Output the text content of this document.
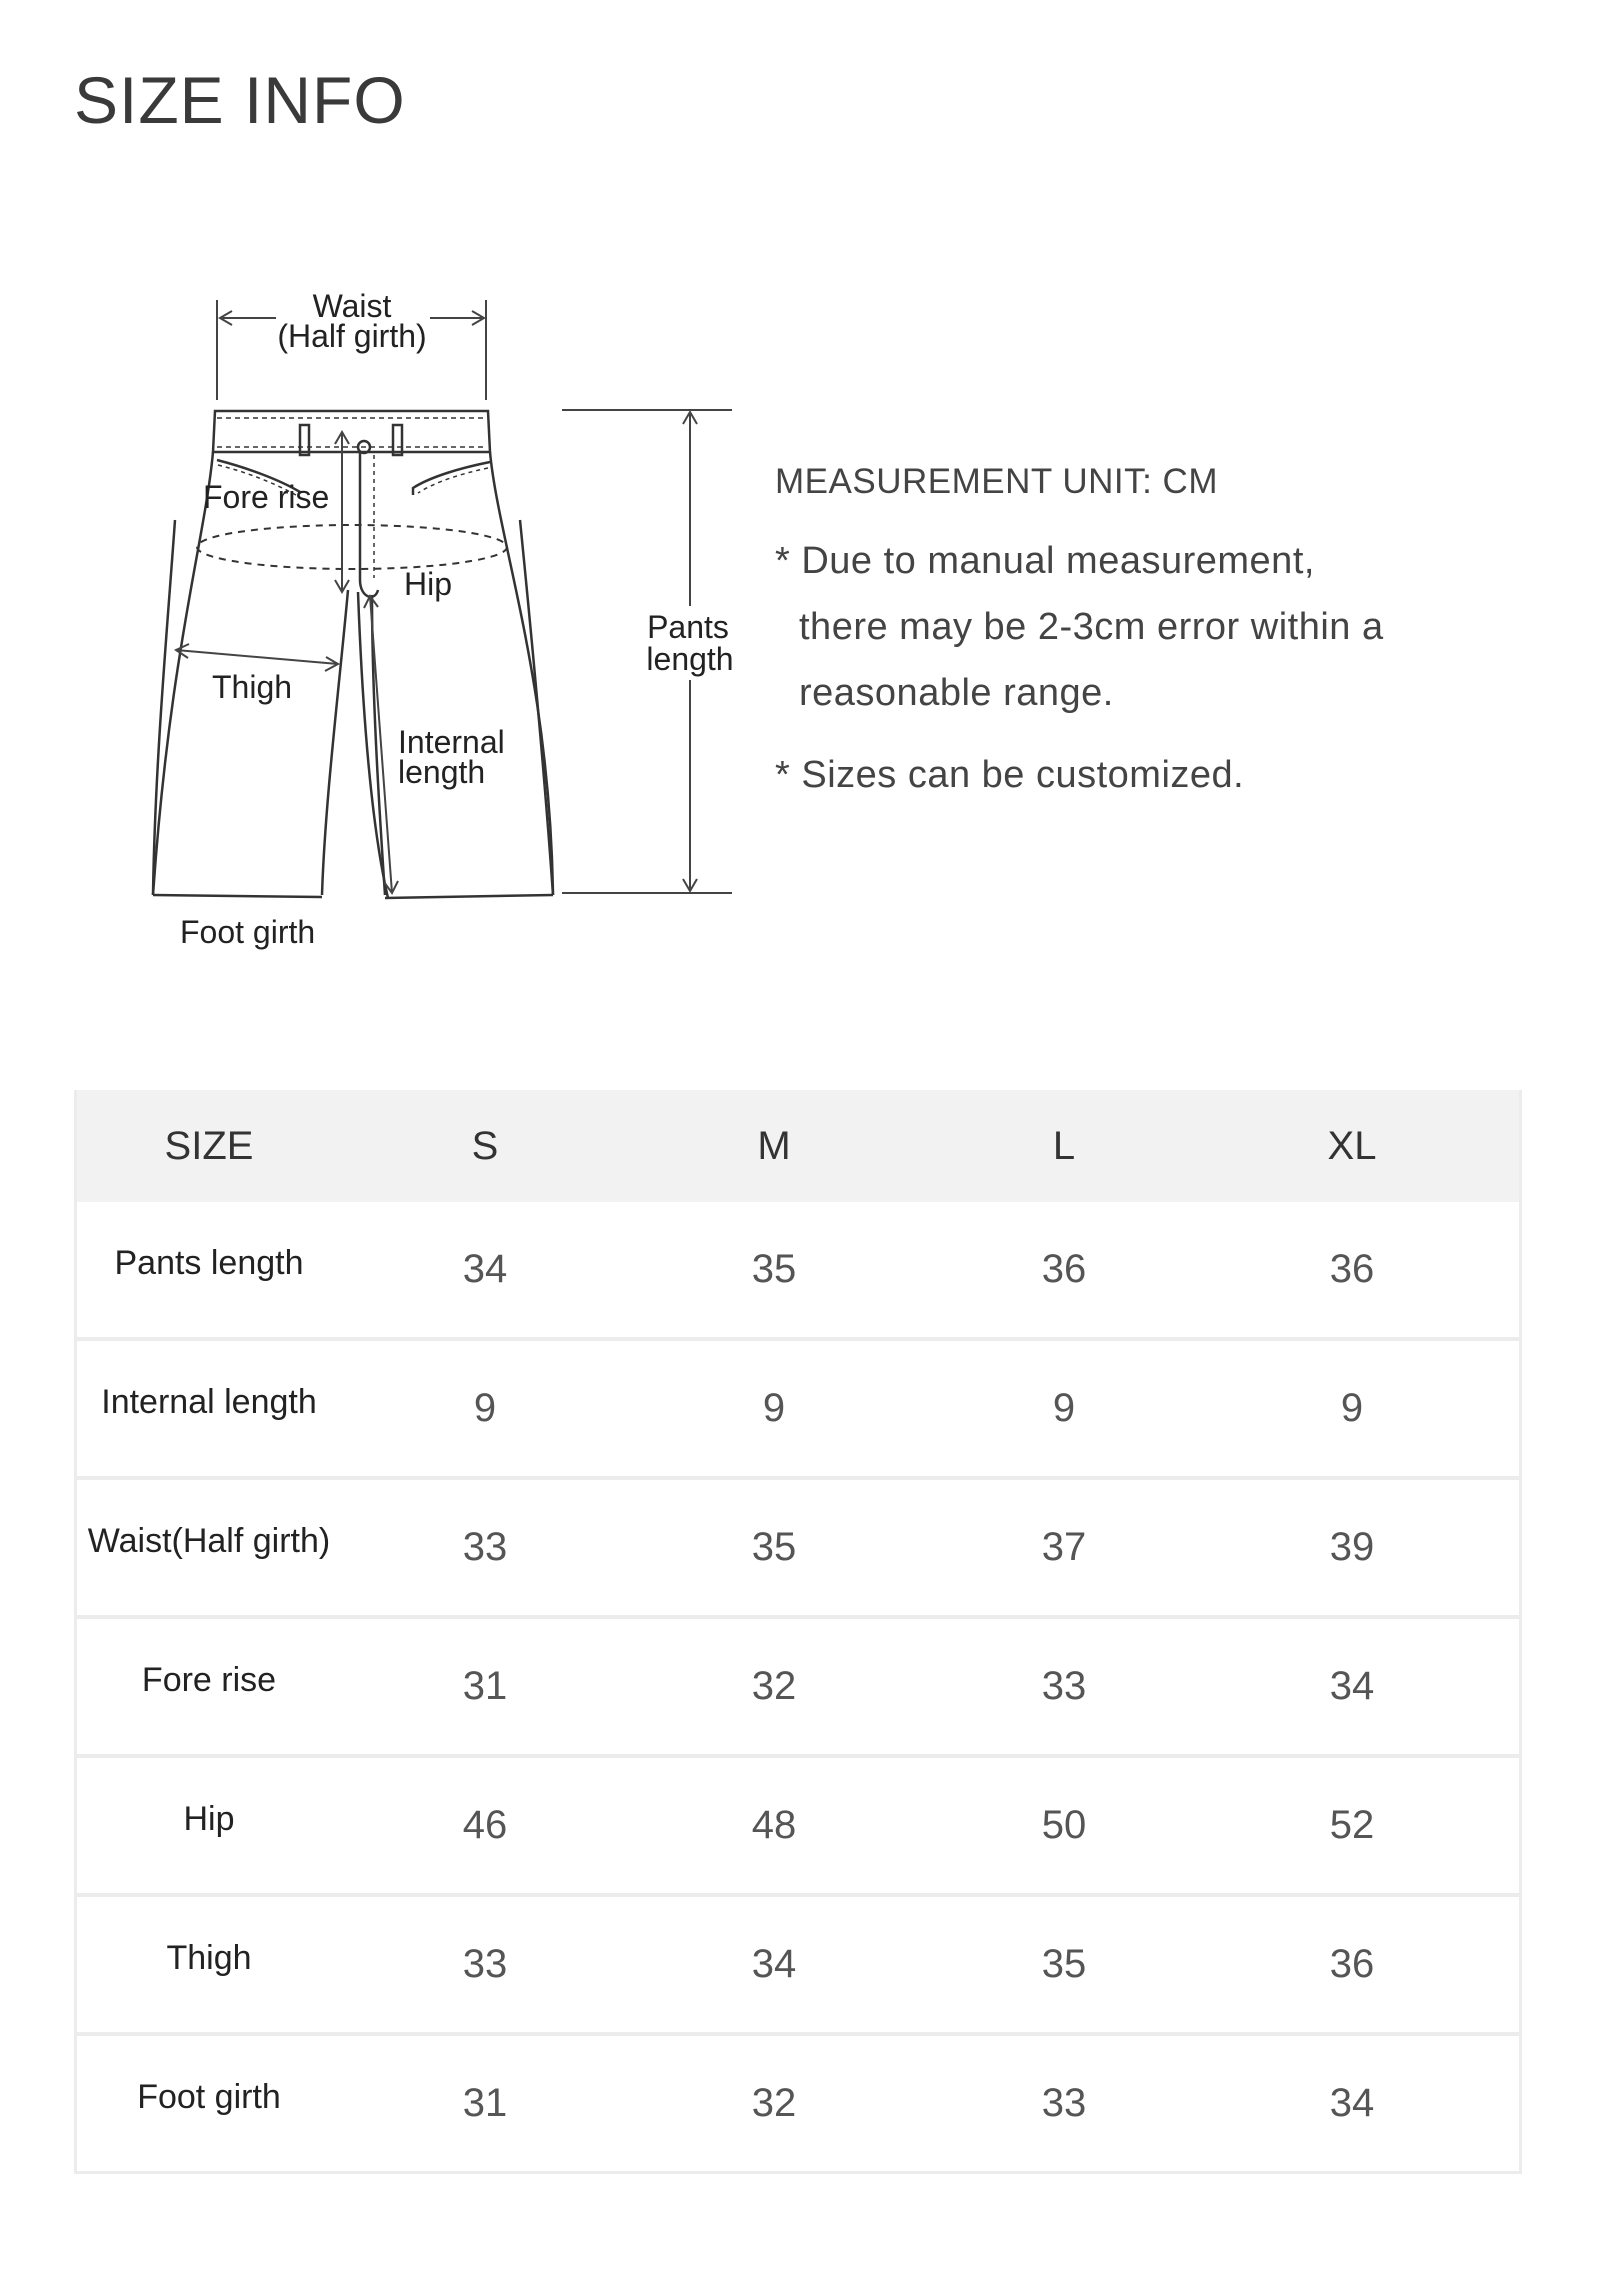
SIZE INFO
Waist
(Half girth)
Fore rise
Hip
Thigh
Internal
length
Foot girth
Pants
length

MEASUREMENT UNIT: CM

* Due to manual measurement, there may be 2-3cm error within a reasonable range.

* Sizes can be customized.

SIZE	S	M	L	XL
Pants length	34	35	36	36
Internal length	9	9	9	9
Waist(Half girth)	33	35	37	39
Fore rise	31	32	33	34
Hip	46	48	50	52
Thigh	33	34	35	36
Foot girth	31	32	33	34
